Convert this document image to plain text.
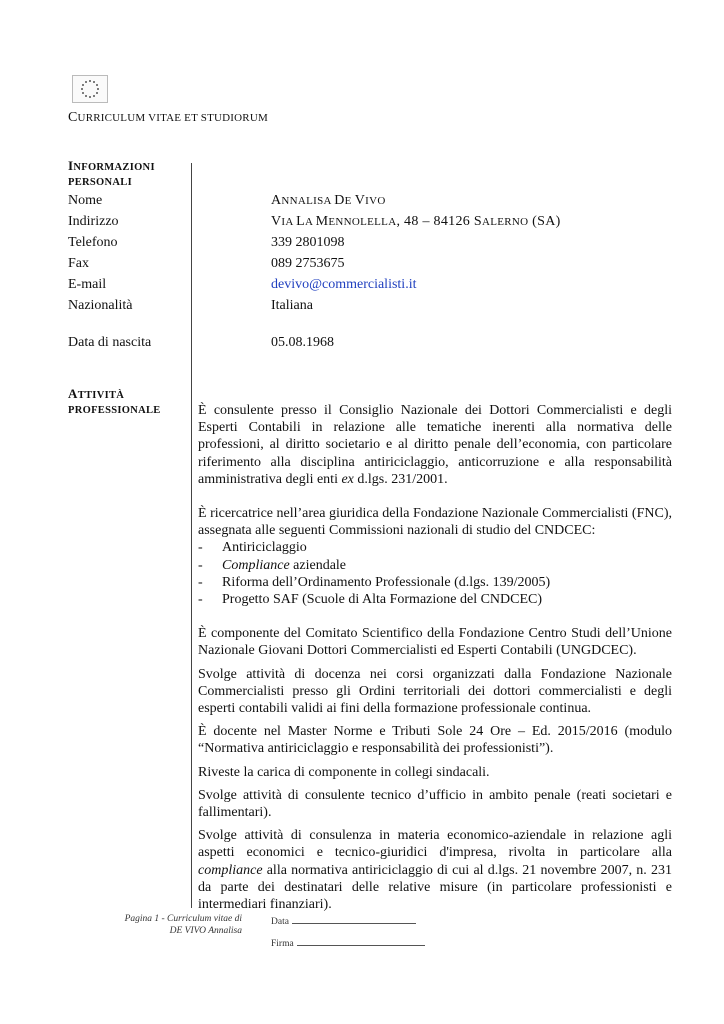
CURRICULUM VITAE ET STUDIORUM
INFORMAZIONI
PERSONALI
Nome	ANNALISA DE VIVO
Indirizzo	VIA LA MENNOLELLA, 48 – 84126 SALERNO (SA)
Telefono	339 2801098
Fax	089 2753675
E-mail	devivo@commercialisti.it
Nazionalità	Italiana
Data di nascita	05.08.1968
ATTIVITÀ
PROFESSIONALE	È consulente presso il Consiglio Nazionale dei Dottori Commercialisti e degli Esperti Contabili in relazione alle tematiche inerenti alla normativa delle professioni, al diritto societario e al diritto penale dell’economia, con particolare riferimento alla disciplina antiriciclaggio, anticorruzione e alla responsabilità amministrativa degli enti ex d.lgs. 231/2001.

È ricercatrice nell’area giuridica della Fondazione Nazionale Commercialisti (FNC), assegnata alle seguenti Commissioni nazionali di studio del CNDCEC:

- Antiriciclaggio
- Compliance aziendale
- Riforma dell’Ordinamento Professionale (d.lgs. 139/2005)
- Progetto SAF (Scuole di Alta Formazione del CNDCEC)

È componente del Comitato Scientifico della Fondazione Centro Studi dell’Unione Nazionale Giovani Dottori Commercialisti ed Esperti Contabili (UNGDCEC).

Svolge attività di docenza nei corsi organizzati dalla Fondazione Nazionale Commercialisti presso gli Ordini territoriali dei dottori commercialisti e degli esperti contabili validi ai fini della formazione professionale continua.

È docente nel Master Norme e Tributi Sole 24 Ore – Ed. 2015/2016 (modulo “Normativa antiriciclaggio e responsabilità dei professionisti”).

Riveste la carica di componente in collegi sindacali.

Svolge attività di consulente tecnico d’ufficio in ambito penale (reati societari e fallimentari).

Svolge attività di consulenza in materia economico-aziendale in relazione agli aspetti economici e tecnico-giuridici d'impresa, rivolta in particolare alla compliance alla normativa antiriciclaggio di cui al d.lgs. 21 novembre 2007, n. 231 da parte dei destinatari delle relative misure (in particolare professionisti e intermediari finanziari).

Pagina 1 - Curriculum vitae di
DE VIVO Annalisa
Data
Firma
